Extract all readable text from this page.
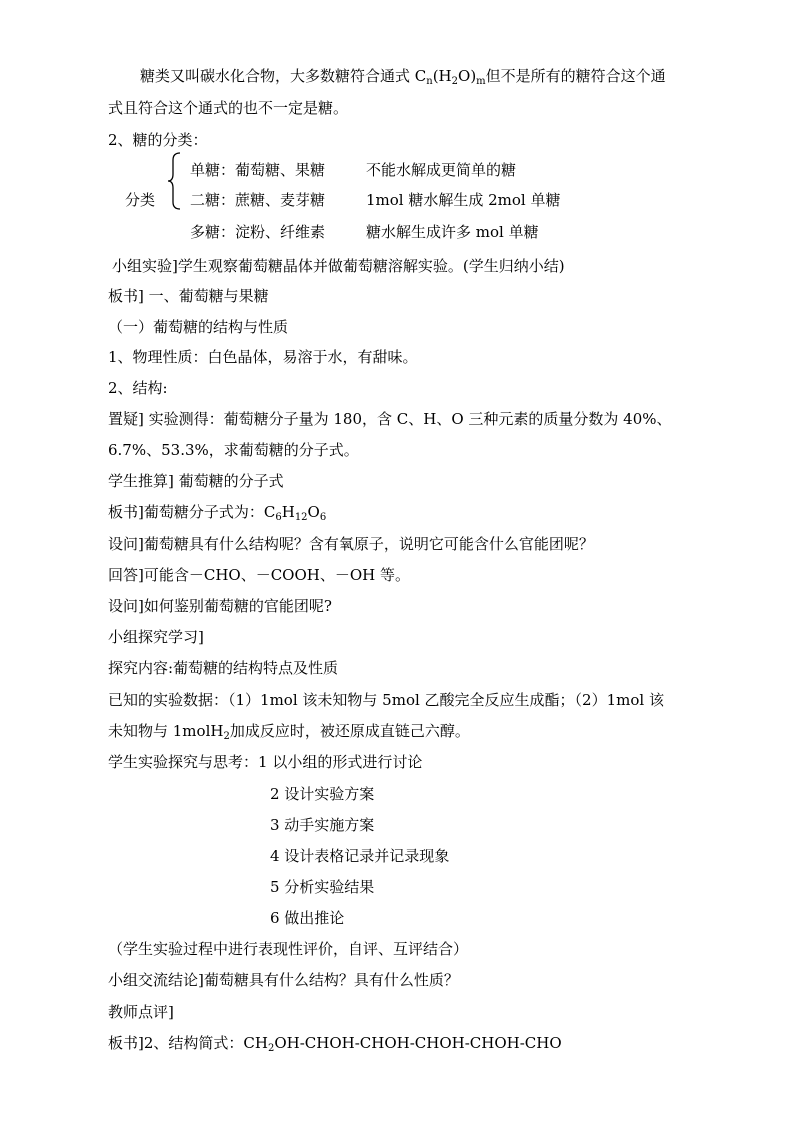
糖类又叫碳水化合物，大多数糖符合通式 $C_n(H_2O)_m$但不是所有的糖符合这个通
式且符合这个通式的也不一定是糖。
2、糖的分类：
分类
单糖：葡萄糖、果糖	不能水解成更简单的糖
二糖：蔗糖、麦芽糖	1mol 糖水解生成 2mol 单糖
多糖：淀粉、纤维素	糖水解生成许多 mol 单糖
小组实验]学生观察葡萄糖晶体并做葡萄糖溶解实验。(学生归纳小结)
板书] 一、葡萄糖与果糖
（一）葡萄糖的结构与性质
1、物理性质：白色晶体，易溶于水，有甜味。
2、结构:
置疑] 实验测得：葡萄糖分子量为 180，含 C、H、O 三种元素的质量分数为 40%、
6.7%、53.3%，求葡萄糖的分子式。
学生推算] 葡萄糖的分子式
板书]葡萄糖分子式为：$C_6H_{12}O_6$
设问]葡萄糖具有什么结构呢？含有氧原子，说明它可能含什么官能团呢？
回答]可能含－CHO、－COOH、－OH 等。
设问]如何鉴别葡萄糖的官能团呢?
小组探究学习]
探究内容:葡萄糖的结构特点及性质
已知的实验数据：（1）1mol 该未知物与 5mol 乙酸完全反应生成酯；（2）1mol 该
未知物与 1molH$_2$加成反应时，被还原成直链己六醇。
学生实验探究与思考：1 以小组的形式进行讨论
2 设计实验方案
3 动手实施方案
4 设计表格记录并记录现象
5 分析实验结果
6 做出推论
（学生实验过程中进行表现性评价，自评、互评结合）
小组交流结论]葡萄糖具有什么结构？具有什么性质？
教师点评]
板书]2、结构简式：$CH_2OH-CHOH-CHOH-CHOH-CHOH$-CHO
